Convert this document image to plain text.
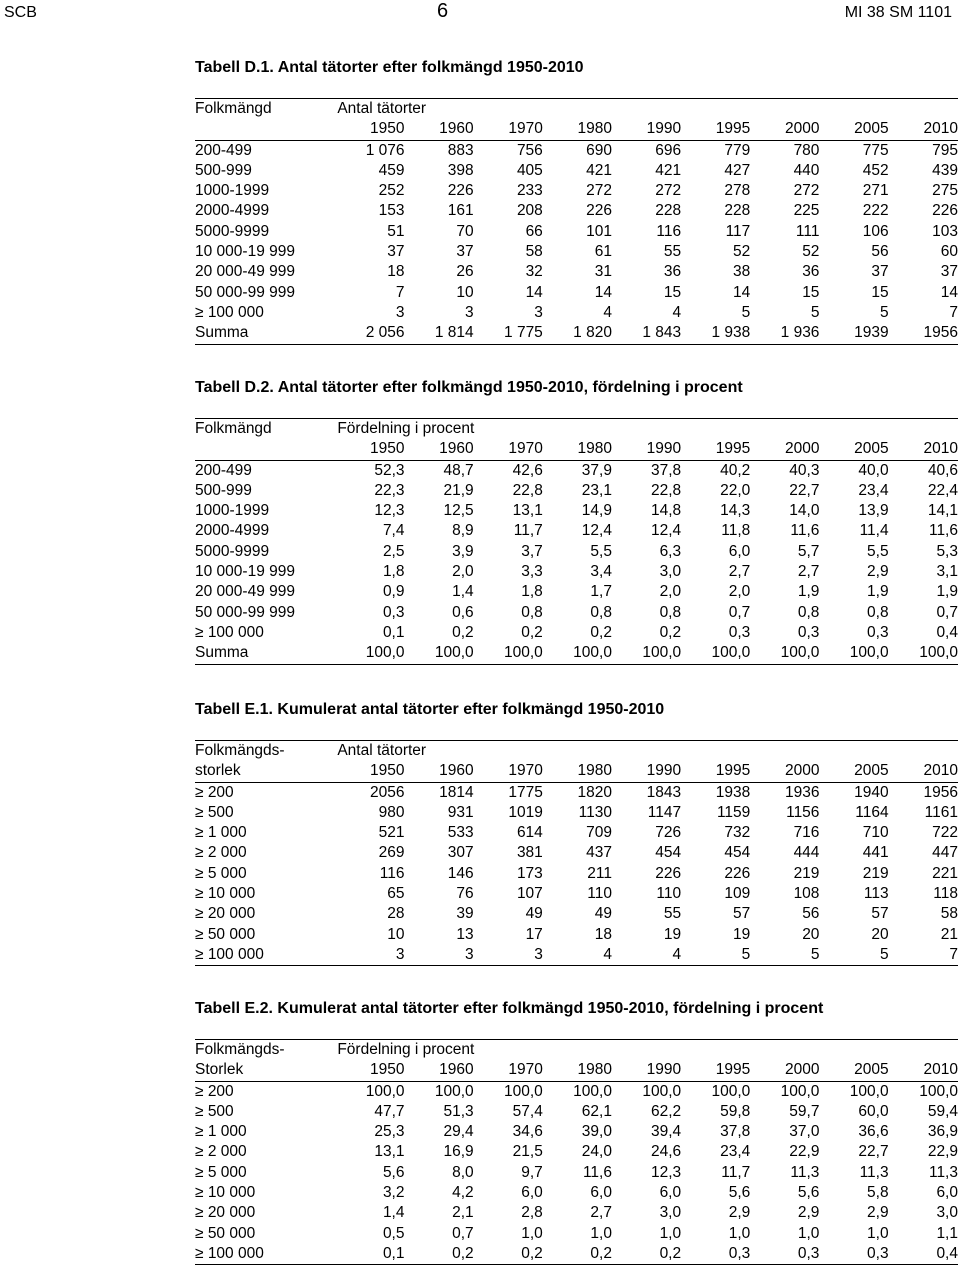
SCB	6	MI 38 SM 1101
Tabell D.1. Antal tätorter efter folkmängd 1950-2010
Folkmängd	Antal tätorter								
	1950	1960	1970	1980	1990	1995	2000	2005	2010
200-499	1 076	883	756	690	696	779	780	775	795
500-999	459	398	405	421	421	427	440	452	439
1000-1999	252	226	233	272	272	278	272	271	275
2000-4999	153	161	208	226	228	228	225	222	226
5000-9999	51	70	66	101	116	117	111	106	103
10 000-19 999	37	37	58	61	55	52	52	56	60
20 000-49 999	18	26	32	31	36	38	36	37	37
50 000-99 999	7	10	14	14	15	14	15	15	14
≥ 100 000	3	3	3	4	4	5	5	5	7
Summa	2 056	1 814	1 775	1 820	1 843	1 938	1 936	1939	1956
Tabell D.2. Antal tätorter efter folkmängd 1950-2010, fördelning i procent
Folkmängd	Fördelning i procent								
	1950	1960	1970	1980	1990	1995	2000	2005	2010
200-499	52,3	48,7	42,6	37,9	37,8	40,2	40,3	40,0	40,6
500-999	22,3	21,9	22,8	23,1	22,8	22,0	22,7	23,4	22,4
1000-1999	12,3	12,5	13,1	14,9	14,8	14,3	14,0	13,9	14,1
2000-4999	7,4	8,9	11,7	12,4	12,4	11,8	11,6	11,4	11,6
5000-9999	2,5	3,9	3,7	5,5	6,3	6,0	5,7	5,5	5,3
10 000-19 999	1,8	2,0	3,3	3,4	3,0	2,7	2,7	2,9	3,1
20 000-49 999	0,9	1,4	1,8	1,7	2,0	2,0	1,9	1,9	1,9
50 000-99 999	0,3	0,6	0,8	0,8	0,8	0,7	0,8	0,8	0,7
≥ 100 000	0,1	0,2	0,2	0,2	0,2	0,3	0,3	0,3	0,4
Summa	100,0	100,0	100,0	100,0	100,0	100,0	100,0	100,0	100,0
Tabell E.1. Kumulerat antal tätorter efter folkmängd 1950-2010
Folkmängds-	Antal tätorter								
storlek	1950	1960	1970	1980	1990	1995	2000	2005	2010
≥ 200	2056	1814	1775	1820	1843	1938	1936	1940	1956
≥ 500	980	931	1019	1130	1147	1159	1156	1164	1161
≥ 1 000	521	533	614	709	726	732	716	710	722
≥ 2 000	269	307	381	437	454	454	444	441	447
≥ 5 000	116	146	173	211	226	226	219	219	221
≥ 10 000	65	76	107	110	110	109	108	113	118
≥ 20 000	28	39	49	49	55	57	56	57	58
≥ 50 000	10	13	17	18	19	19	20	20	21
≥ 100 000	3	3	3	4	4	5	5	5	7
Tabell E.2. Kumulerat antal tätorter efter folkmängd 1950-2010, fördelning i procent
Folkmängds-	Fördelning i procent								
Storlek	1950	1960	1970	1980	1990	1995	2000	2005	2010
≥ 200	100,0	100,0	100,0	100,0	100,0	100,0	100,0	100,0	100,0
≥ 500	47,7	51,3	57,4	62,1	62,2	59,8	59,7	60,0	59,4
≥ 1 000	25,3	29,4	34,6	39,0	39,4	37,8	37,0	36,6	36,9
≥ 2 000	13,1	16,9	21,5	24,0	24,6	23,4	22,9	22,7	22,9
≥ 5 000	5,6	8,0	9,7	11,6	12,3	11,7	11,3	11,3	11,3
≥ 10 000	3,2	4,2	6,0	6,0	6,0	5,6	5,6	5,8	6,0
≥ 20 000	1,4	2,1	2,8	2,7	3,0	2,9	2,9	2,9	3,0
≥ 50 000	0,5	0,7	1,0	1,0	1,0	1,0	1,0	1,0	1,1
≥ 100 000	0,1	0,2	0,2	0,2	0,2	0,3	0,3	0,3	0,4
